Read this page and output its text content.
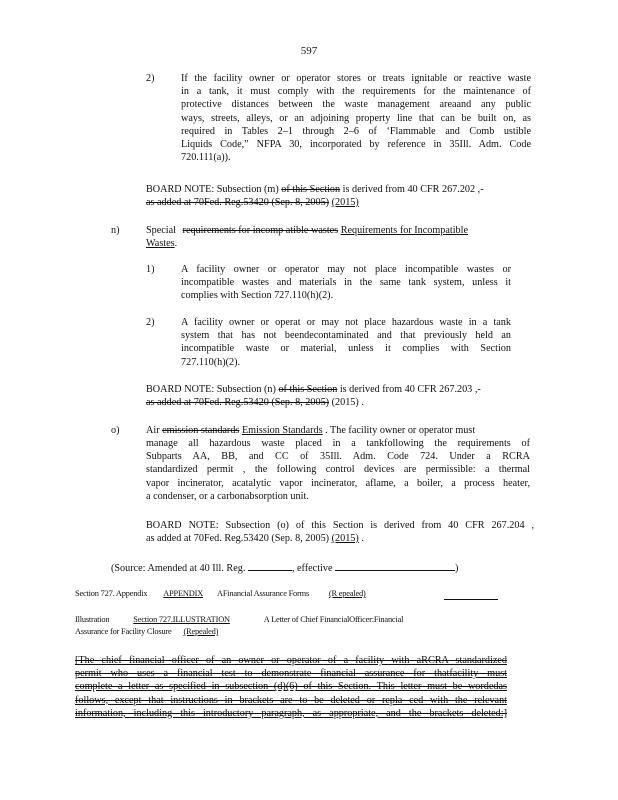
597
2)	If the facility owner or operator stores or treats ignitable or reactive waste
in a tank, it must comply with the requirements for the maintenance of
protective distances between the waste management areaand any public
ways, streets, alleys, or an adjoining property line that can be built on, as
required in Tables 2–1 through 2–6 of ‘Flammable and Comb ustible
Liquids Code,” NFPA 30, incorporated by reference in 35Ill. Adm. Code
720.111(a)).
BOARD NOTE: Subsection (m) of this Section is derived from 40 CFR 267.202 ,-
as added at 70Fed. Reg.53420 (Sep. 8, 2005) (2015)
n)	Special requirements for incomp atible wastes Requirements for Incompatible
Wastes.
1)	A facility owner or operator may not place incompatible wastes or
incompatible wastes and materials in the same tank system, unless it
complies with Section 727.110(h)(2).
2)	A facility owner or operat or may not place hazardous waste in a tank
system that has not beendecontaminated and that previously held an
incompatible waste or material, unless it complies with Section
727.110(h)(2).
BOARD NOTE: Subsection (n) of this Section is derived from 40 CFR 267.203 ,-
as added at 70Fed. Reg.53420 (Sep. 8, 2005) (2015) .
o)	Air emission standards Emission Standards . The facility owner or operator must
manage all hazardous waste placed in a tankfollowing the requirements of
Subparts AA, BB, and CC of 35Ill. Adm. Code 724. Under a RCRA
standardized permit , the following control devices are permissible: a thermal
vapor incinerator, acatalytic vapor incinerator, aflame, a boiler, a process heater,
a condenser, or a carbonabsorption unit.
BOARD NOTE: Subsection (o) of this Section is derived from 40 CFR 267.204 ,
as added at 70Fed. Reg.53420 (Sep. 8, 2005) (2015) .
(Source: Amended at 40 Ill. Reg.	, effective	)
Section 727. Appendix APPENDIX AFinancial Assurance Forms (R epealed)
Illustration	Section 727.ILLUSTRATION	A Letter of Chief FinancialOfficer:Financial
Assurance for Facility Closure (Repealed)
[The chief financial officer of an owner or operator of a facility with aRCRA standardized
permit who uses a financial test to demonstrate financial assurance for thatfacility must
complete a letter as specified in subsection (d)(6) of this Section. This letter must be wordedas
follows, except that instructions in brackets are to be deleted or repla ced with the relevant
information, including this introductory paragraph, as appropriate, and the brackets deleted:]
